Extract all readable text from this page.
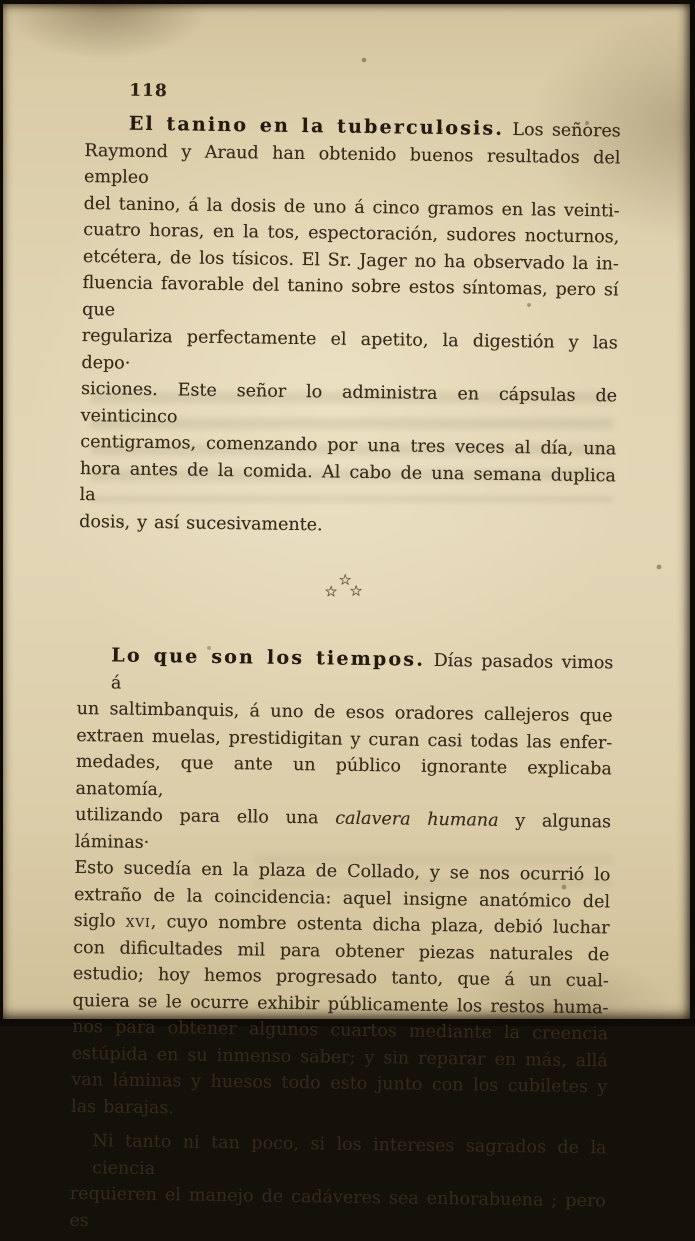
118
El tanino en la tuberculosis. Los señores
Raymond y Araud han obtenido buenos resultados del empleo
del tanino, á la dosis de uno á cinco gramos en las veinti-
cuatro horas, en la tos, espectoración, sudores nocturnos,
etcétera, de los tísicos. El Sr. Jager no ha observado la in-
fluencia favorable del tanino sobre estos síntomas, pero sí que
regulariza perfectamente el apetito, la digestión y las depo·
siciones. Este señor lo administra en cápsulas de veinticinco
centigramos, comenzando por una tres veces al día, una
hora antes de la comida. Al cabo de una semana duplica la
dosis, y así sucesivamente.
☆
☆ ☆
Lo que son los tiempos. Días pasados vimos á
un saltimbanquis, á uno de esos oradores callejeros que
extraen muelas, prestidigitan y curan casi todas las enfer-
medades, que ante un público ignorante explicaba anatomía,
utilizando para ello una calavera humana y algunas láminas·
Esto sucedía en la plaza de Collado, y se nos ocurrió lo
extraño de la coincidencia: aquel insigne anatómico del
siglo xvi, cuyo nombre ostenta dicha plaza, debió luchar
con dificultades mil para obtener piezas naturales de
estudio; hoy hemos progresado tanto, que á un cual-
quiera se le ocurre exhibir públicamente los restos huma-
nos para obtener algunos cuartos mediante la creencia
estúpida en su inmenso saber; y sin reparar en más, allá
van láminas y huesos todo esto junto con los cubiletes y
las barajas.
Ni tanto ni tan poco, si los intereses sagrados de la ciencia
requieren el manejo de cadáveres sea enhorabuena ; pero es
